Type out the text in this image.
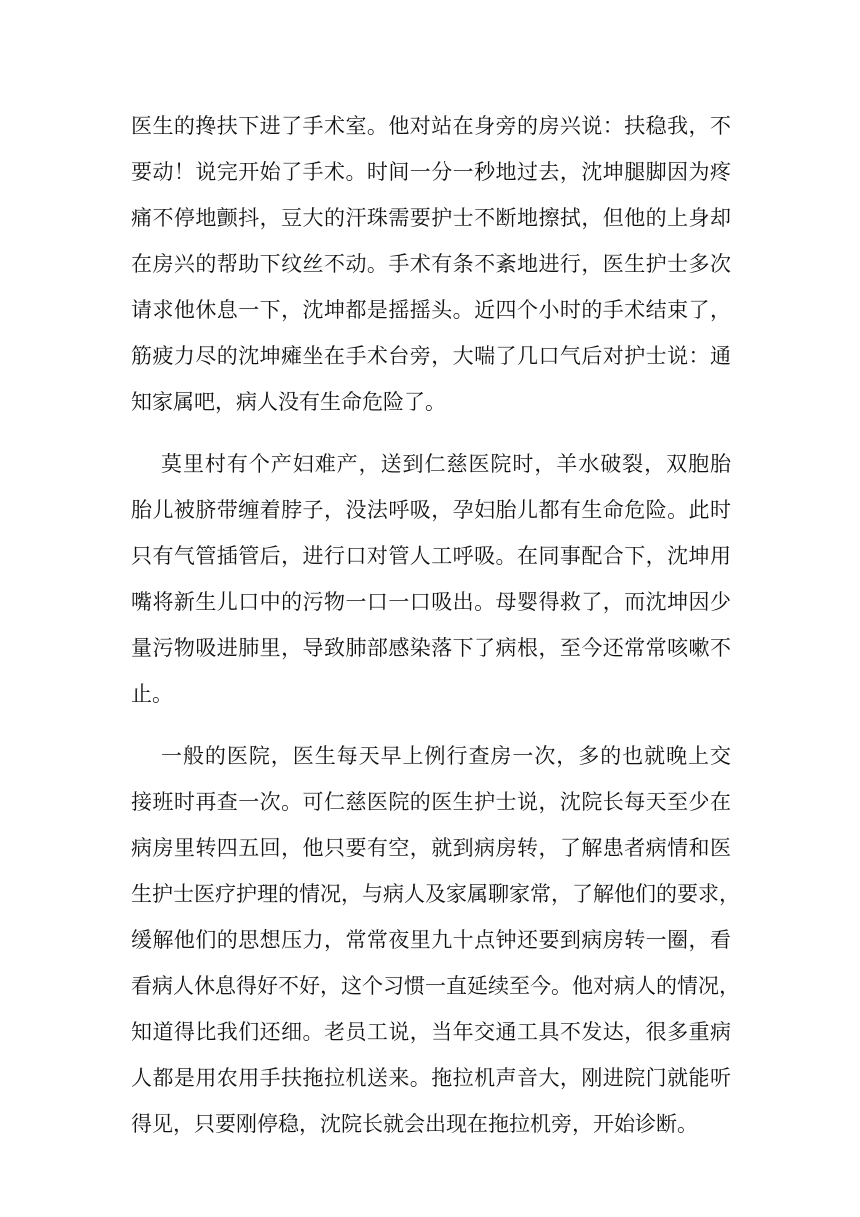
医生的搀扶下进了手术室。他对站在身旁的房兴说：扶稳我，不
要动！说完开始了手术。时间一分一秒地过去，沈坤腿脚因为疼
痛不停地颤抖，豆大的汗珠需要护士不断地擦拭，但他的上身却
在房兴的帮助下纹丝不动。手术有条不紊地进行，医生护士多次
请求他休息一下，沈坤都是摇摇头。近四个小时的手术结束了，
筋疲力尽的沈坤瘫坐在手术台旁，大喘了几口气后对护士说：通
知家属吧，病人没有生命危险了。
莫里村有个产妇难产，送到仁慈医院时，羊水破裂，双胞胎
胎儿被脐带缠着脖子，没法呼吸，孕妇胎儿都有生命危险。此时
只有气管插管后，进行口对管人工呼吸。在同事配合下，沈坤用
嘴将新生儿口中的污物一口一口吸出。母婴得救了，而沈坤因少
量污物吸进肺里，导致肺部感染落下了病根，至今还常常咳嗽不
止。
一般的医院，医生每天早上例行查房一次，多的也就晚上交
接班时再查一次。可仁慈医院的医生护士说，沈院长每天至少在
病房里转四五回，他只要有空，就到病房转，了解患者病情和医
生护士医疗护理的情况，与病人及家属聊家常，了解他们的要求，
缓解他们的思想压力，常常夜里九十点钟还要到病房转一圈，看
看病人休息得好不好，这个习惯一直延续至今。他对病人的情况，
知道得比我们还细。老员工说，当年交通工具不发达，很多重病
人都是用农用手扶拖拉机送来。拖拉机声音大，刚进院门就能听
得见，只要刚停稳，沈院长就会出现在拖拉机旁，开始诊断。
